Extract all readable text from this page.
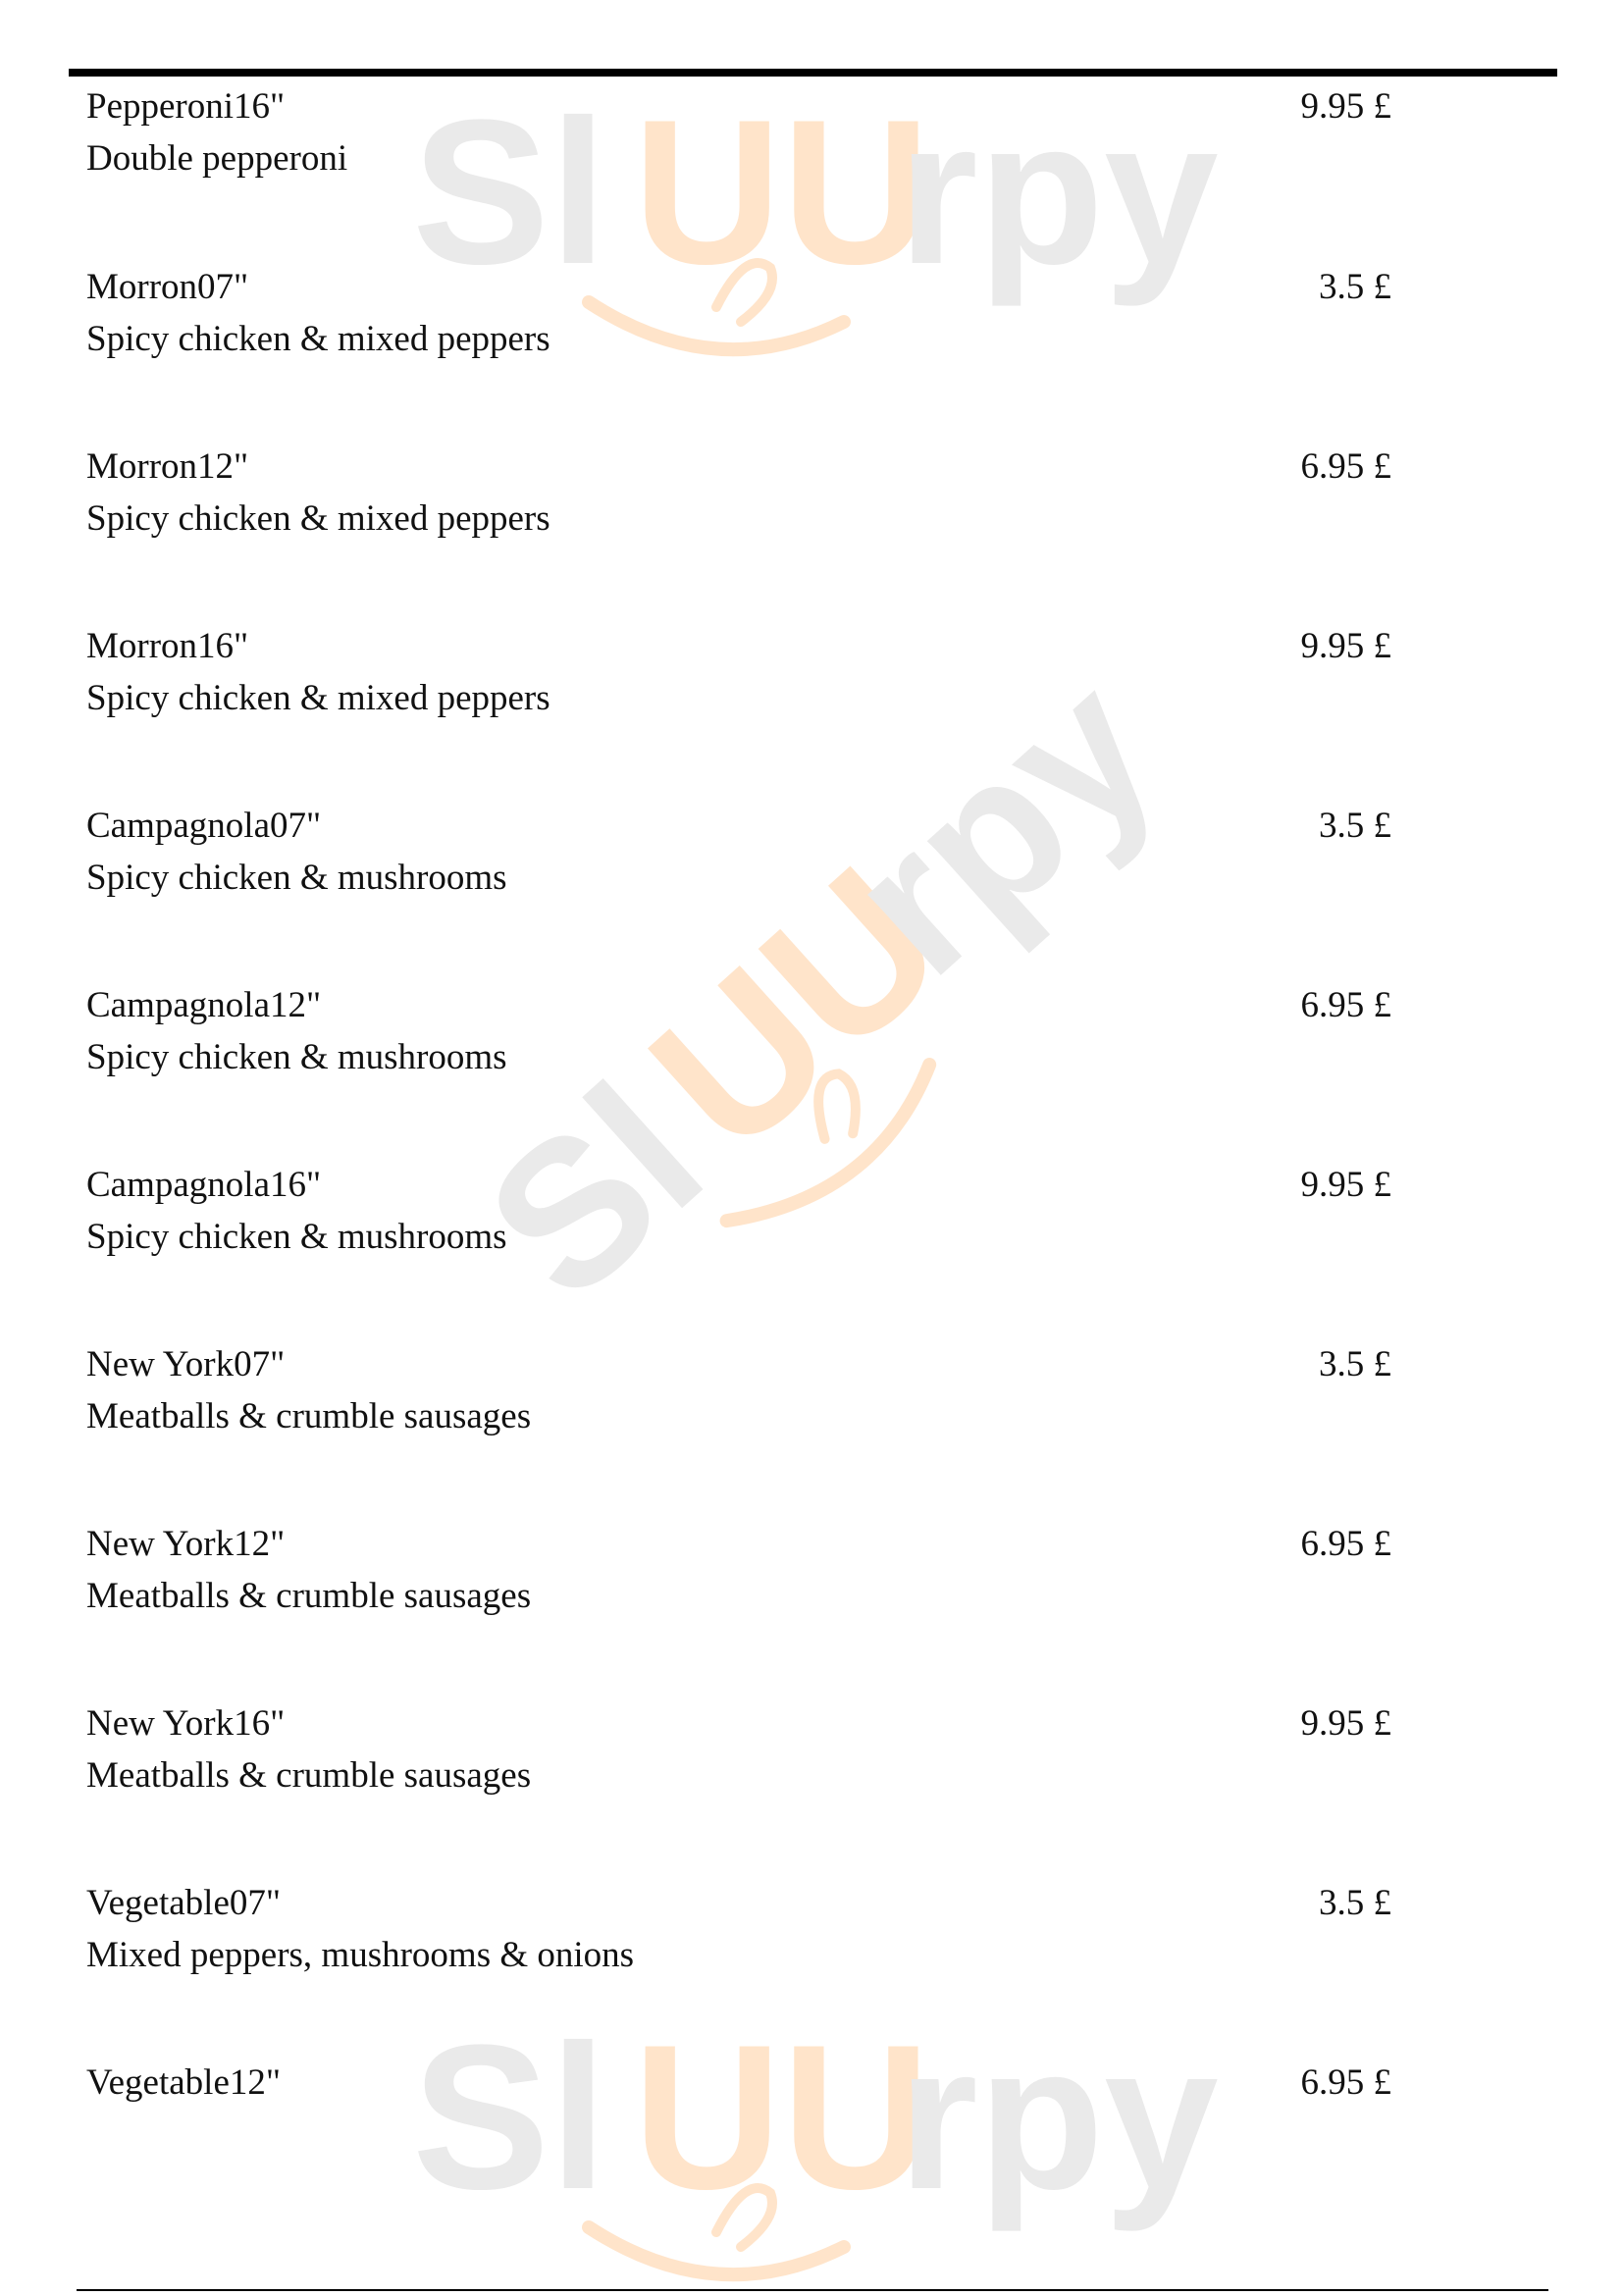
Sl UU
rpy
Sl
UU
rpy
Sl UU
rpy
Pepperoni16"
Double pepperoni
9.95 £
Morron07"
Spicy chicken & mixed peppers
3.5 £
Morron12"
Spicy chicken & mixed peppers
6.95 £
Morron16"
Spicy chicken & mixed peppers
9.95 £
Campagnola07"
Spicy chicken & mushrooms
3.5 £
Campagnola12"
Spicy chicken & mushrooms
6.95 £
Campagnola16"
Spicy chicken & mushrooms
9.95 £
New York07"
Meatballs & crumble sausages
3.5 £
New York12"
Meatballs & crumble sausages
6.95 £
New York16"
Meatballs & crumble sausages
9.95 £
Vegetable07"
Mixed peppers, mushrooms & onions
3.5 £
Vegetable12"	6.95 £
